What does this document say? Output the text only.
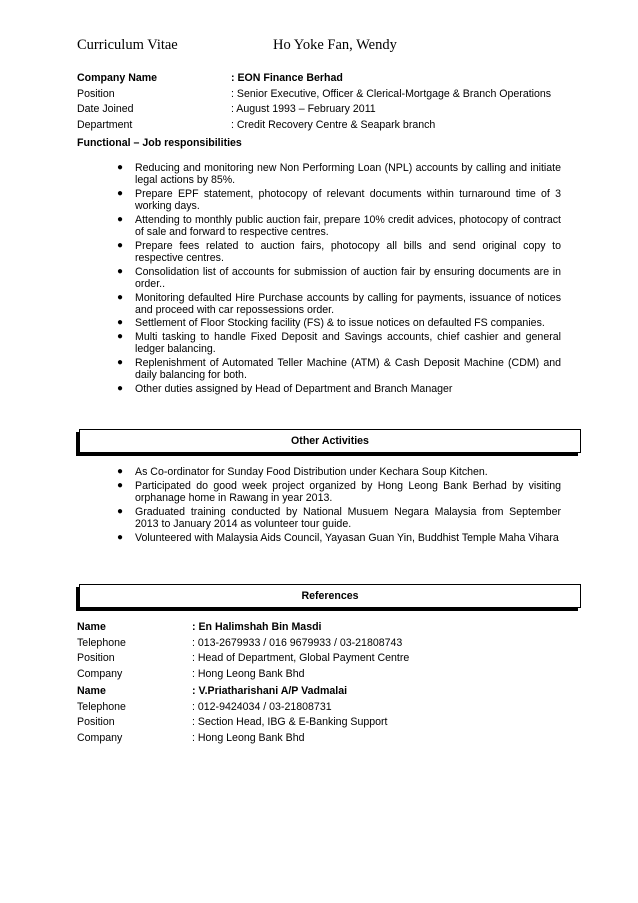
Curriculum Vitae	Ho Yoke Fan, Wendy
Company Name	: EON Finance Berhad
Position	: Senior Executive, Officer & Clerical-Mortgage & Branch Operations
Date Joined	: August 1993 – February 2011
Department	: Credit Recovery Centre & Seapark branch
Functional – Job responsibilities
● Reducing and monitoring new Non Performing Loan (NPL) accounts by calling and initiate legal actions by 85%.
● Prepare EPF statement, photocopy of relevant documents within turnaround time of 3 working days.
● Attending to monthly public auction fair, prepare 10% credit advices, photocopy of contract of sale and forward to respective centres.
● Prepare fees related to auction fairs, photocopy all bills and send original copy to respective centres.
● Consolidation list of accounts for submission of auction fair by ensuring documents are in order..
● Monitoring defaulted Hire Purchase accounts by calling for payments, issuance of notices and proceed with car repossessions order.
● Settlement of Floor Stocking facility (FS) & to issue notices on defaulted FS companies.
● Multi tasking to handle Fixed Deposit and Savings accounts, chief cashier and general ledger balancing.
● Replenishment of Automated Teller Machine (ATM) & Cash Deposit Machine (CDM) and daily balancing for both.
● Other duties assigned by Head of Department and Branch Manager
Other Activities
● As Co-ordinator for Sunday Food Distribution under Kechara Soup Kitchen.
● Participated do good week project organized by Hong Leong Bank Berhad by visiting orphanage home in Rawang in year 2013.
● Graduated training conducted by National Musuem Negara Malaysia from September 2013 to January 2014 as volunteer tour guide.
● Volunteered with Malaysia Aids Council, Yayasan Guan Yin, Buddhist Temple Maha Vihara
References
Name	: En Halimshah Bin Masdi
Telephone	: 013-2679933 / 016 9679933 / 03-21808743
Position	: Head of Department, Global Payment Centre
Company	: Hong Leong Bank Bhd
Name	: V.Priatharishani A/P Vadmalai
Telephone	: 012-9424034 / 03-21808731
Position	: Section Head, IBG & E-Banking Support
Company	: Hong Leong Bank Bhd
